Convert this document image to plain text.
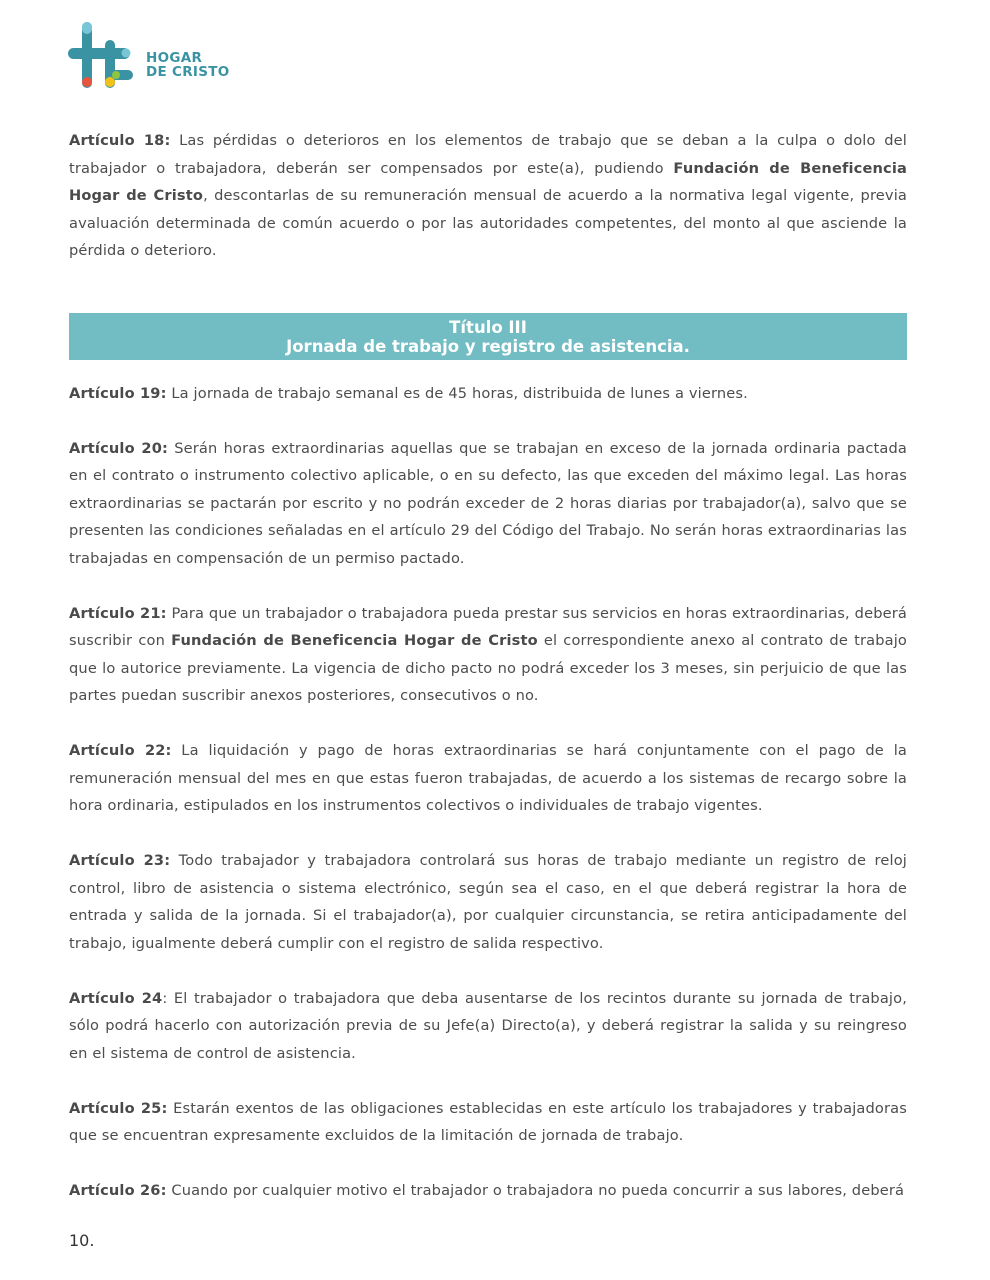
HOGAR
DE CRISTO

Artículo 18: Las pérdidas o deterioros en los elementos de trabajo que se deban a la culpa o dolo del trabajador o trabajadora, deberán ser compensados por este(a), pudiendo Fundación de Beneficencia Hogar de Cristo, descontarlas de su remuneración mensual de acuerdo a la normativa legal vigente, previa avaluación determinada de común acuerdo o por las autoridades competentes, del monto al que asciende la pérdida o deterioro.

Título III
Jornada de trabajo y registro de asistencia.

Artículo 19: La jornada de trabajo semanal es de 45 horas, distribuida de lunes a viernes.

Artículo 20: Serán horas extraordinarias aquellas que se trabajan en exceso de la jornada ordinaria pactada en el contrato o instrumento colectivo aplicable, o en su defecto, las que exceden del máximo legal. Las horas extraordinarias se pactarán por escrito y no podrán exceder de 2 horas diarias por trabajador(a), salvo que se presenten las condiciones señaladas en el artículo 29 del Código del Trabajo. No serán horas extraordinarias las trabajadas en compensación de un permiso pactado.

Artículo 21: Para que un trabajador o trabajadora pueda prestar sus servicios en horas extraordinarias, deberá suscribir con Fundación de Beneficencia Hogar de Cristo el correspondiente anexo al contrato de trabajo que lo autorice previamente. La vigencia de dicho pacto no podrá exceder los 3 meses, sin perjuicio de que las partes puedan suscribir anexos posteriores, consecutivos o no.

Artículo 22: La liquidación y pago de horas extraordinarias se hará conjuntamente con el pago de la remuneración mensual del mes en que estas fueron trabajadas, de acuerdo a los sistemas de recargo sobre la hora ordinaria, estipulados en los instrumentos colectivos o individuales de trabajo vigentes.

Artículo 23: Todo trabajador y trabajadora controlará sus horas de trabajo mediante un registro de reloj control, libro de asistencia o sistema electrónico, según sea el caso, en el que deberá registrar la hora de entrada y salida de la jornada. Si el trabajador(a), por cualquier circunstancia, se retira anticipadamente del trabajo, igualmente deberá cumplir con el registro de salida respectivo.

Artículo 24: El trabajador o trabajadora que deba ausentarse de los recintos durante su jornada de trabajo, sólo podrá hacerlo con autorización previa de su Jefe(a) Directo(a), y deberá registrar la salida y su reingreso en el sistema de control de asistencia.

Artículo 25: Estarán exentos de las obligaciones establecidas en este artículo los trabajadores y trabajadoras que se encuentran expresamente excluidos de la limitación de jornada de trabajo.

Artículo 26: Cuando por cualquier motivo el trabajador o trabajadora no pueda concurrir a sus labores, deberá

10.
